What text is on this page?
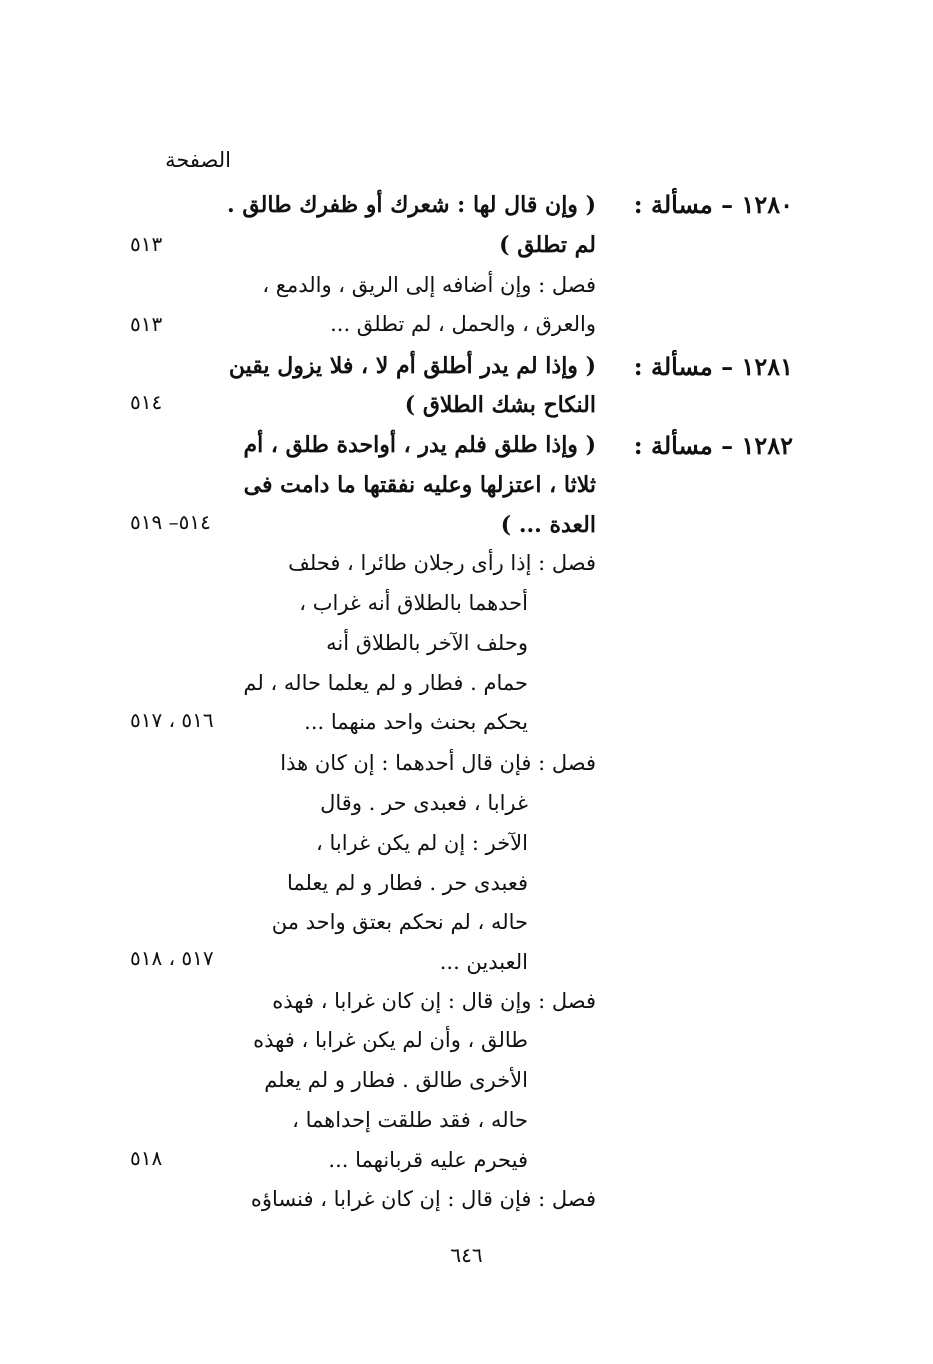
الصفحة
١٢٨٠ – مسألة :
( وإن قال لها : شعرك أو ظفرك طالق .
لم تطلق )
٥١٣
فصل : وإن أضافه إلى الريق ، والدمع ،
والعرق ، والحمل ، لم تطلق ...
٥١٣
١٢٨١ – مسألة :
( وإذا لم يدر أطلق أم لا ، فلا يزول يقين
النكاح بشك الطلاق )
٥١٤
١٢٨٢ – مسألة :
( وإذا طلق فلم يدر ، أواحدة طلق ، أم
ثلاثا ، اعتزلها وعليه نفقتها ما دامت فى
العدة ... )
٥١٤– ٥١٩
فصل : إذا رأى رجلان طائرا ، فحلف
أحدهما بالطلاق أنه غراب ،
وحلف الآخر بالطلاق أنه
حمام . فطار و لم يعلما حاله ، لم
يحكم بحنث واحد منهما ...
٥١٦ ، ٥١٧
فصل : فإن قال أحدهما : إن كان هذا
غرابا ، فعبدى حر . وقال
الآخر : إن لم يكن غرابا ،
فعبدى حر . فطار و لم يعلما
حاله ، لم نحكم بعتق واحد من
العبدين ...
٥١٧ ، ٥١٨
فصل : وإن قال : إن كان غرابا ، فهذه
طالق ، وأن لم يكن غرابا ، فهذه
الأخرى طالق . فطار و لم يعلم
حاله ، فقد طلقت إحداهما ،
فيحرم عليه قربانهما ...
٥١٨
فصل : فإن قال : إن كان غرابا ، فنساؤه
٦٤٦
